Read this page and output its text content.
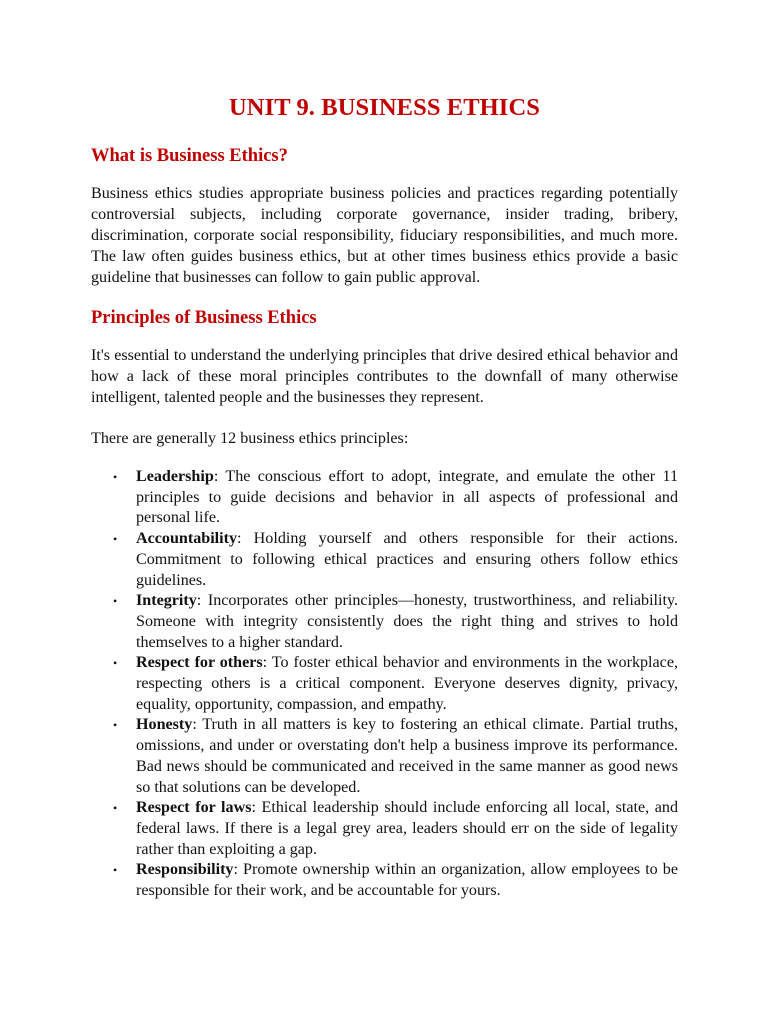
UNIT 9. BUSINESS ETHICS
What is Business Ethics?

Business ethics studies appropriate business policies and practices regarding potentially controversial subjects, including corporate governance, insider trading, bribery, discrimination, corporate social responsibility, fiduciary responsibilities, and much more. The law often guides business ethics, but at other times business ethics provide a basic guideline that businesses can follow to gain public approval.

Principles of Business Ethics

It's essential to understand the underlying principles that drive desired ethical behavior and how a lack of these moral principles contributes to the downfall of many otherwise intelligent, talented people and the businesses they represent.

There are generally 12 business ethics principles:

• Leadership: The conscious effort to adopt, integrate, and emulate the other 11 principles to guide decisions and behavior in all aspects of professional and personal life.
• Accountability: Holding yourself and others responsible for their actions. Commitment to following ethical practices and ensuring others follow ethics guidelines.
• Integrity: Incorporates other principles—honesty, trustworthiness, and reliability. Someone with integrity consistently does the right thing and strives to hold themselves to a higher standard.
• Respect for others: To foster ethical behavior and environments in the workplace, respecting others is a critical component. Everyone deserves dignity, privacy, equality, opportunity, compassion, and empathy.
• Honesty: Truth in all matters is key to fostering an ethical climate. Partial truths, omissions, and under or overstating don't help a business improve its performance. Bad news should be communicated and received in the same manner as good news so that solutions can be developed.
• Respect for laws: Ethical leadership should include enforcing all local, state, and federal laws. If there is a legal grey area, leaders should err on the side of legality rather than exploiting a gap.
• Responsibility: Promote ownership within an organization, allow employees to be responsible for their work, and be accountable for yours.
